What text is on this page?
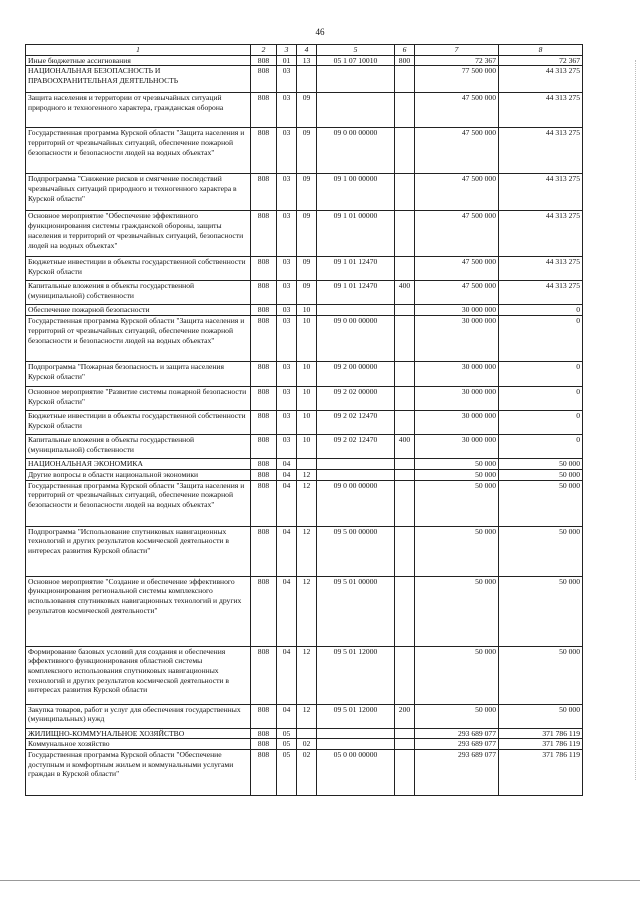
46
1	2	3	4	5	6	7	8
Иные бюджетные ассигнования	808	01	13	05 1 07 10010	800	72 367	72 367
НАЦИОНАЛЬНАЯ БЕЗОПАСНОСТЬ И ПРАВООХРАНИТЕЛЬНАЯ ДЕЯТЕЛЬНОСТЬ	808	03				77 500 000	44 313 275
Защита населения и территории от чрезвычайных ситуаций природного и техногенного характера, гражданская оборона	808	03	09			47 500 000	44 313 275
Государственная программа Курской области "Защита населения и территорий от чрезвычайных ситуаций, обеспечение пожарной безопасности и безопасности людей на водных объектах"	808	03	09	09 0 00 00000		47 500 000	44 313 275
Подпрограмма "Снижение рисков и смягчение последствий чрезвычайных ситуаций природного и техногенного характера в Курской области"	808	03	09	09 1 00 00000		47 500 000	44 313 275
Основное мероприятие "Обеспечение эффективного функционирования системы гражданской обороны, защиты населения и территорий от чрезвычайных ситуаций, безопасности людей на водных объектах"	808	03	09	09 1 01 00000		47 500 000	44 313 275
Бюджетные инвестиции в объекты государственной собственности Курской области	808	03	09	09 1 01 12470		47 500 000	44 313 275
Капитальные вложения в объекты государственной (муниципальной) собственности	808	03	09	09 1 01 12470	400	47 500 000	44 313 275
Обеспечение пожарной безопасности	808	03	10			30 000 000	0
Государственная программа Курской области "Защита населения и территорий от чрезвычайных ситуаций, обеспечение пожарной безопасности и безопасности людей на водных объектах"	808	03	10	09 0 00 00000		30 000 000	0
Подпрограмма "Пожарная безопасность и защита населения Курской области"	808	03	10	09 2 00 00000		30 000 000	0
Основное мероприятие "Развитие системы пожарной безопасности Курской области"	808	03	10	09 2 02 00000		30 000 000	0
Бюджетные инвестиции в объекты государственной собственности Курской области	808	03	10	09 2 02 12470		30 000 000	0
Капитальные вложения в объекты государственной (муниципальной) собственности	808	03	10	09 2 02 12470	400	30 000 000	0
НАЦИОНАЛЬНАЯ ЭКОНОМИКА	808	04				50 000	50 000
Другие вопросы в области национальной экономики	808	04	12			50 000	50 000
Государственная программа Курской области "Защита населения и территорий от чрезвычайных ситуаций, обеспечение пожарной безопасности и безопасности людей на водных объектах"	808	04	12	09 0 00 00000		50 000	50 000
Подпрограмма "Использование спутниковых навигационных технологий и других результатов космической деятельности в интересах развития Курской области"	808	04	12	09 5 00 00000		50 000	50 000
Основное мероприятие "Создание и обеспечение эффективного функционирования региональной системы комплексного использования спутниковых навигационных технологий и других результатов космической деятельности"	808	04	12	09 5 01 00000		50 000	50 000
Формирование базовых условий для создания и обеспечения эффективного функционирования областной системы комплексного использования спутниковых навигационных технологий и других результатов космической деятельности в интересах развития Курской области	808	04	12	09 5 01 12000		50 000	50 000
Закупка товаров, работ и услуг для обеспечения государственных (муниципальных) нужд	808	04	12	09 5 01 12000	200	50 000	50 000
ЖИЛИЩНО-КОММУНАЛЬНОЕ ХОЗЯЙСТВО	808	05				293 689 077	371 786 119
Коммунальное хозяйство	808	05	02			293 689 077	371 786 119
Государственная программа Курской области "Обеспечение доступным и комфортным жильем и коммунальными услугами граждан в Курской области"	808	05	02	05 0 00 00000		293 689 077	371 786 119
